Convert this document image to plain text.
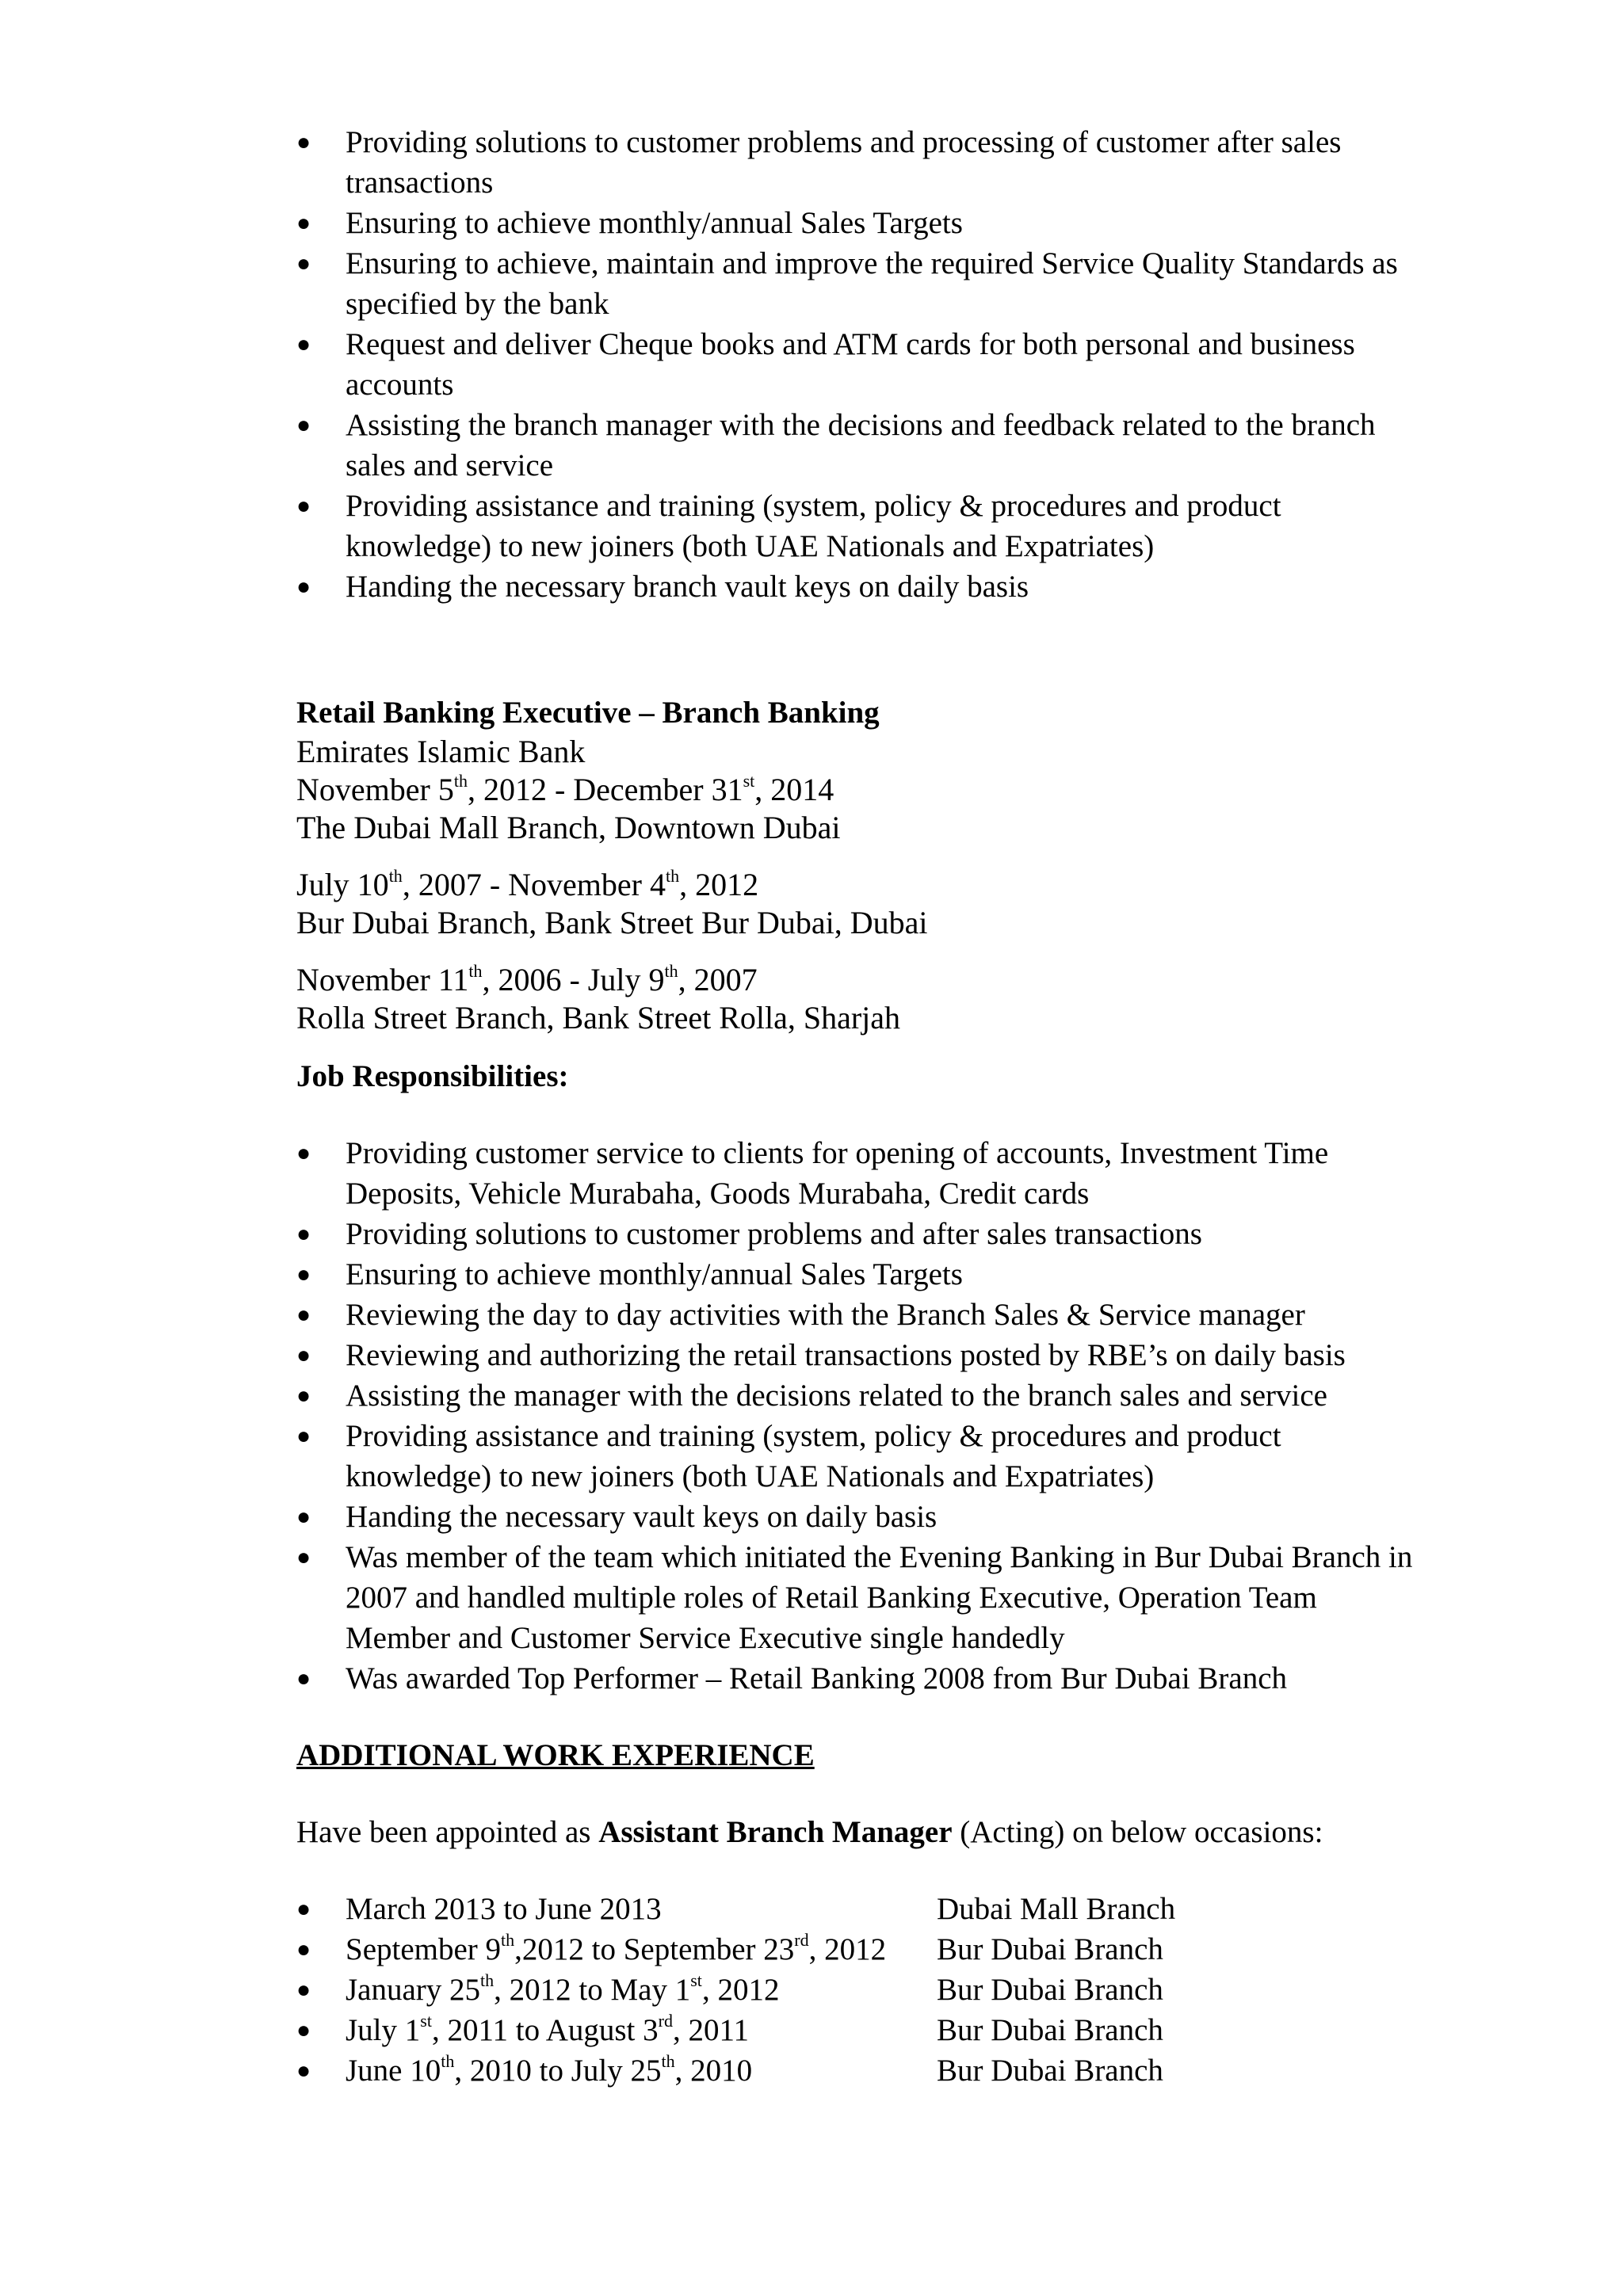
●	Providing solutions to customer problems and processing of customer after sales transactions
●	Ensuring to achieve monthly/annual Sales Targets
●	Ensuring to achieve, maintain and improve the required Service Quality Standards as specified by the bank
●	Request and deliver Cheque books and ATM cards for both personal and business accounts
●	Assisting the branch manager with the decisions and feedback related to the branch sales and service
●	Providing assistance and training (system, policy & procedures and product knowledge) to new joiners (both UAE Nationals and Expatriates)
●	Handing the necessary branch vault keys on daily basis
Retail Banking Executive – Branch Banking
Emirates Islamic Bank
November 5th, 2012 - December 31st, 2014
The Dubai Mall Branch, Downtown Dubai
July 10th, 2007 - November 4th, 2012
Bur Dubai Branch, Bank Street Bur Dubai, Dubai
November 11th, 2006 - July 9th, 2007
Rolla Street Branch, Bank Street Rolla, Sharjah
Job Responsibilities:
●	Providing customer service to clients for opening of accounts, Investment Time Deposits, Vehicle Murabaha, Goods Murabaha, Credit cards
●	Providing solutions to customer problems and after sales transactions
●	Ensuring to achieve monthly/annual Sales Targets
●	Reviewing the day to day activities with the Branch Sales & Service manager
●	Reviewing and authorizing the retail transactions posted by RBE’s on daily basis
●	Assisting the manager with the decisions related to the branch sales and service
●	Providing assistance and training (system, policy & procedures and product knowledge) to new joiners (both UAE Nationals and Expatriates)
●	Handing the necessary vault keys on daily basis
●	Was member of the team which initiated the Evening Banking in Bur Dubai Branch in 2007 and handled multiple roles of Retail Banking Executive, Operation Team Member and Customer Service Executive single handedly
●	Was awarded Top Performer – Retail Banking 2008 from Bur Dubai Branch
ADDITIONAL WORK EXPERIENCE
Have been appointed as Assistant Branch Manager (Acting) on below occasions:
●	March 2013 to June 2013	Dubai Mall Branch
●	September 9th,2012 to September 23rd, 2012 Bur Dubai Branch
●	January 25th, 2012 to May 1st, 2012	Bur Dubai Branch
●	July 1st, 2011 to August 3rd, 2011	Bur Dubai Branch
●	June 10th, 2010 to July 25th, 2010	Bur Dubai Branch
